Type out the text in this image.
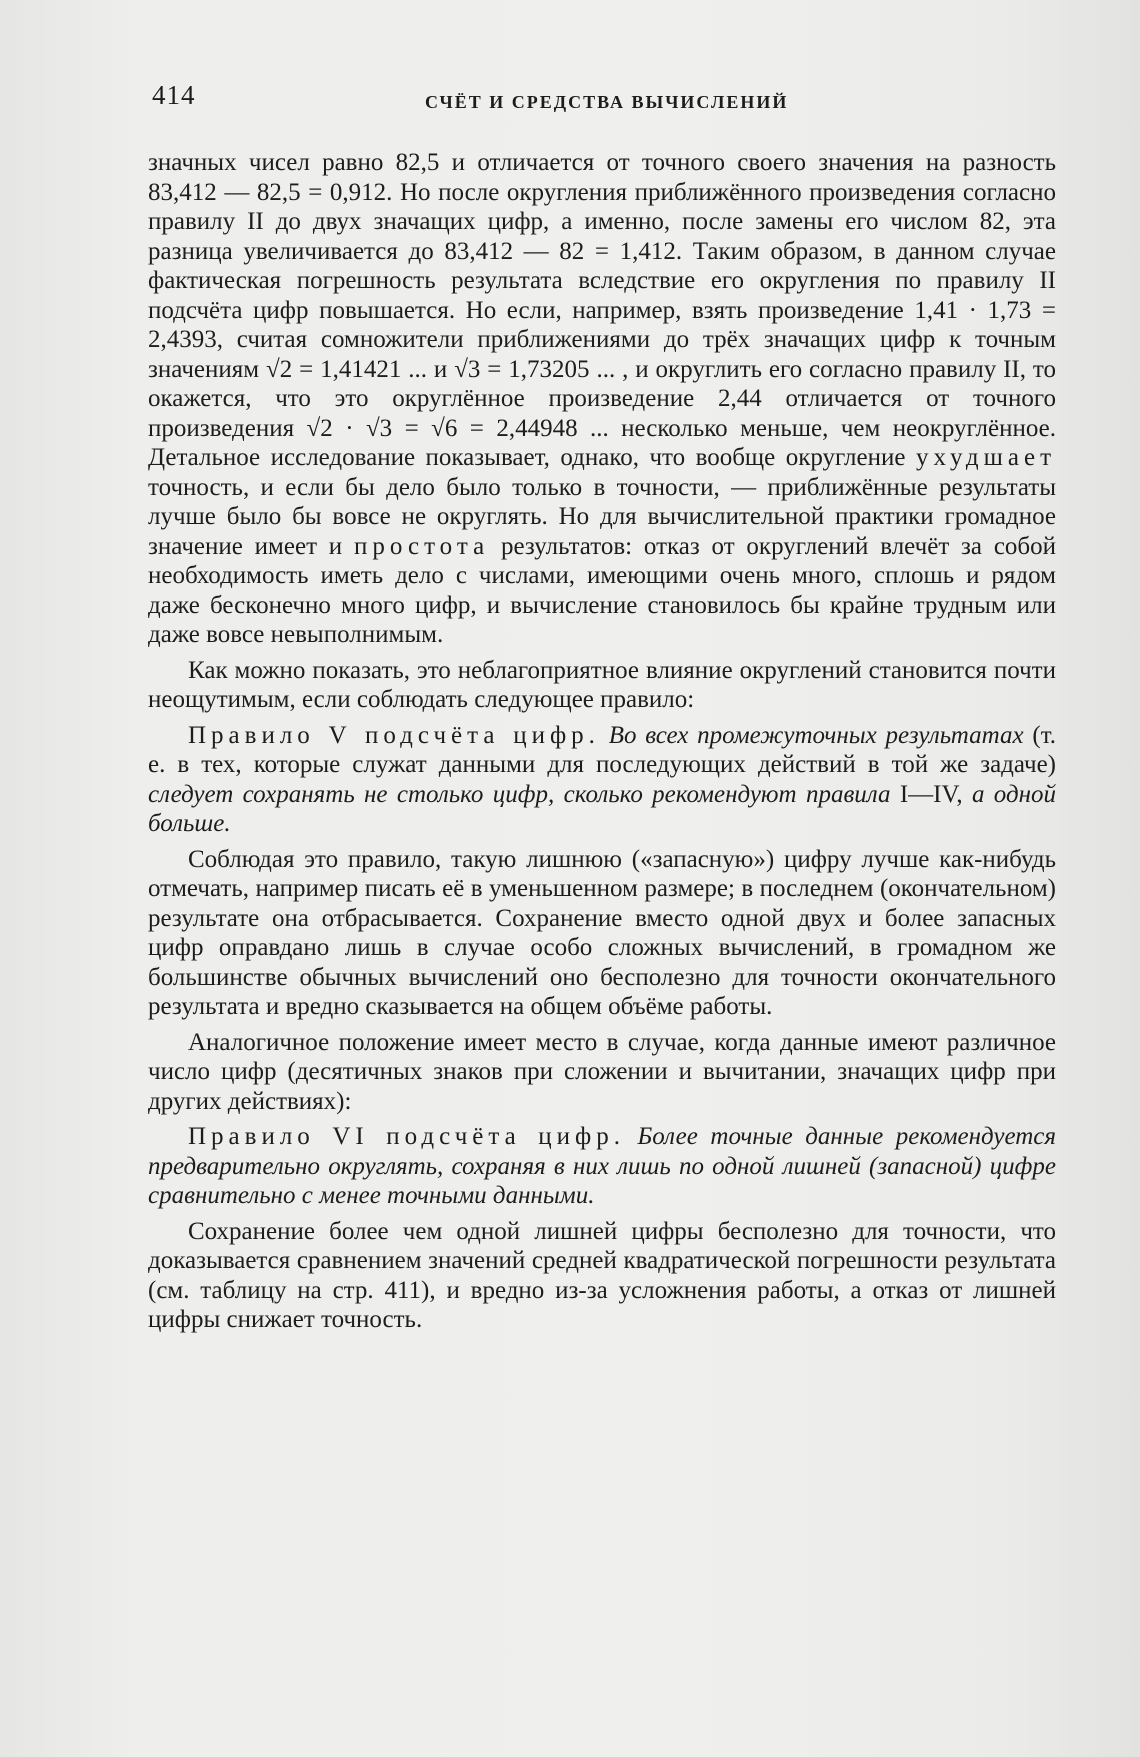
414	СЧЁТ И СРЕДСТВА ВЫЧИСЛЕНИЙ

значных чисел равно 82,5 и отличается от точного своего значения на разность 83,412 — 82,5 = 0,912. Но после округления приближённого произведения согласно правилу II до двух значащих цифр, а именно, после замены его числом 82, эта разница увеличивается до 83,412 — 82 = 1,412. Таким образом, в данном случае фактическая погрешность результата вследствие его округления по правилу II подсчёта цифр повышается. Но если, например, взять произведение 1,41 · 1,73 = 2,4393, считая сомножители приближениями до трёх значащих цифр к точным значениям √2 = 1,41421 ... и √3 = 1,73205 ... , и округлить его согласно правилу II, то окажется, что это округлённое произведение 2,44 отличается от точного произведения √2 · √3 = √6 = 2,44948 ... несколько меньше, чем неокруглённое. Детальное исследование показывает, однако, что вообще округление ухудшает точность, и если бы дело было только в точности, — приближённые результаты лучше было бы вовсе не округлять. Но для вычислительной практики громадное значение имеет и простота результатов: отказ от округлений влечёт за собой необходимость иметь дело с числами, имеющими очень много, сплошь и рядом даже бесконечно много цифр, и вычисление становилось бы крайне трудным или даже вовсе невыполнимым.

Как можно показать, это неблагоприятное влияние округлений становится почти неощутимым, если соблюдать следующее правило:

Правило V подсчёта цифр. Во всех промежуточных результатах (т. е. в тех, которые служат данными для последующих действий в той же задаче) следует сохранять не столько цифр, сколько рекомендуют правила I—IV, а одной больше.

Соблюдая это правило, такую лишнюю («запасную») цифру лучше как-нибудь отмечать, например писать её в уменьшенном размере; в последнем (окончательном) результате она отбрасывается. Сохранение вместо одной двух и более запасных цифр оправдано лишь в случае особо сложных вычислений, в громадном же большинстве обычных вычислений оно бесполезно для точности окончательного результата и вредно сказывается на общем объёме работы.

Аналогичное положение имеет место в случае, когда данные имеют различное число цифр (десятичных знаков при сложении и вычитании, значащих цифр при других действиях):

Правило VI подсчёта цифр. Более точные данные рекомендуется предварительно округлять, сохраняя в них лишь по одной лишней (запасной) цифре сравнительно с менее точными данными.

Сохранение более чем одной лишней цифры бесполезно для точности, что доказывается сравнением значений средней квадратической погрешности результата (см. таблицу на стр. 411), и вредно из-за усложнения работы, а отказ от лишней цифры снижает точность.
